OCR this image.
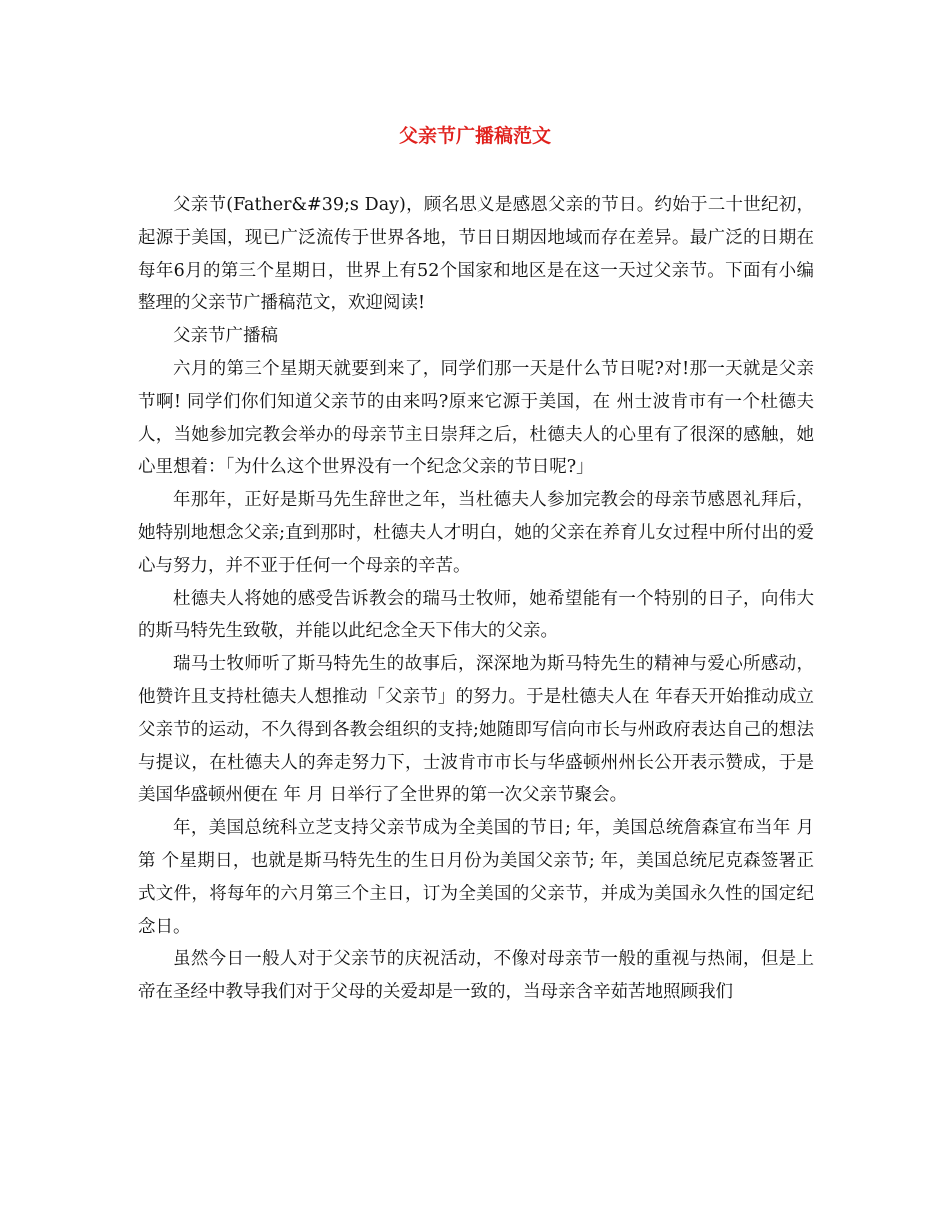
父亲节广播稿范文

父亲节(Father&#39;s Day)，顾名思义是感恩父亲的节日。约始于二十世纪初，起源于美国，现已广泛流传于世界各地，节日日期因地域而存在差异。最广泛的日期在每年6月的第三个星期日，世界上有52个国家和地区是在这一天过父亲节。下面有小编整理的父亲节广播稿范文，欢迎阅读!

父亲节广播稿

六月的第三个星期天就要到来了，同学们那一天是什么节日呢?对!那一天就是父亲节啊! 同学们你们知道父亲节的由来吗?原来它源于美国，在 州士波肯市有一个杜德夫人，当她参加完教会举办的母亲节主日崇拜之后，杜德夫人的心里有了很深的感触，她心里想着：「为什么这个世界没有一个纪念父亲的节日呢?」

年那年，正好是斯马先生辞世之年，当杜德夫人参加完教会的母亲节感恩礼拜后，她特别地想念父亲;直到那时，杜德夫人才明白，她的父亲在养育儿女过程中所付出的爱心与努力，并不亚于任何一个母亲的辛苦。

杜德夫人将她的感受告诉教会的瑞马士牧师，她希望能有一个特别的日子，向伟大的斯马特先生致敬，并能以此纪念全天下伟大的父亲。

瑞马士牧师听了斯马特先生的故事后，深深地为斯马特先生的精神与爱心所感动，他赞许且支持杜德夫人想推动「父亲节」的努力。于是杜德夫人在 年春天开始推动成立父亲节的运动，不久得到各教会组织的支持;她随即写信向市长与州政府表达自己的想法与提议，在杜德夫人的奔走努力下，士波肯市市长与华盛顿州州长公开表示赞成，于是美国华盛顿州便在 年 月 日举行了全世界的第一次父亲节聚会。

年，美国总统科立芝支持父亲节成为全美国的节日; 年，美国总统詹森宣布当年 月第 个星期日，也就是斯马特先生的生日月份为美国父亲节; 年，美国总统尼克森签署正式文件，将每年的六月第三个主日，订为全美国的父亲节，并成为美国永久性的国定纪念日。

虽然今日一般人对于父亲节的庆祝活动，不像对母亲节一般的重视与热闹，但是上帝在圣经中教导我们对于父母的关爱却是一致的，当母亲含辛茹苦地照顾我们
